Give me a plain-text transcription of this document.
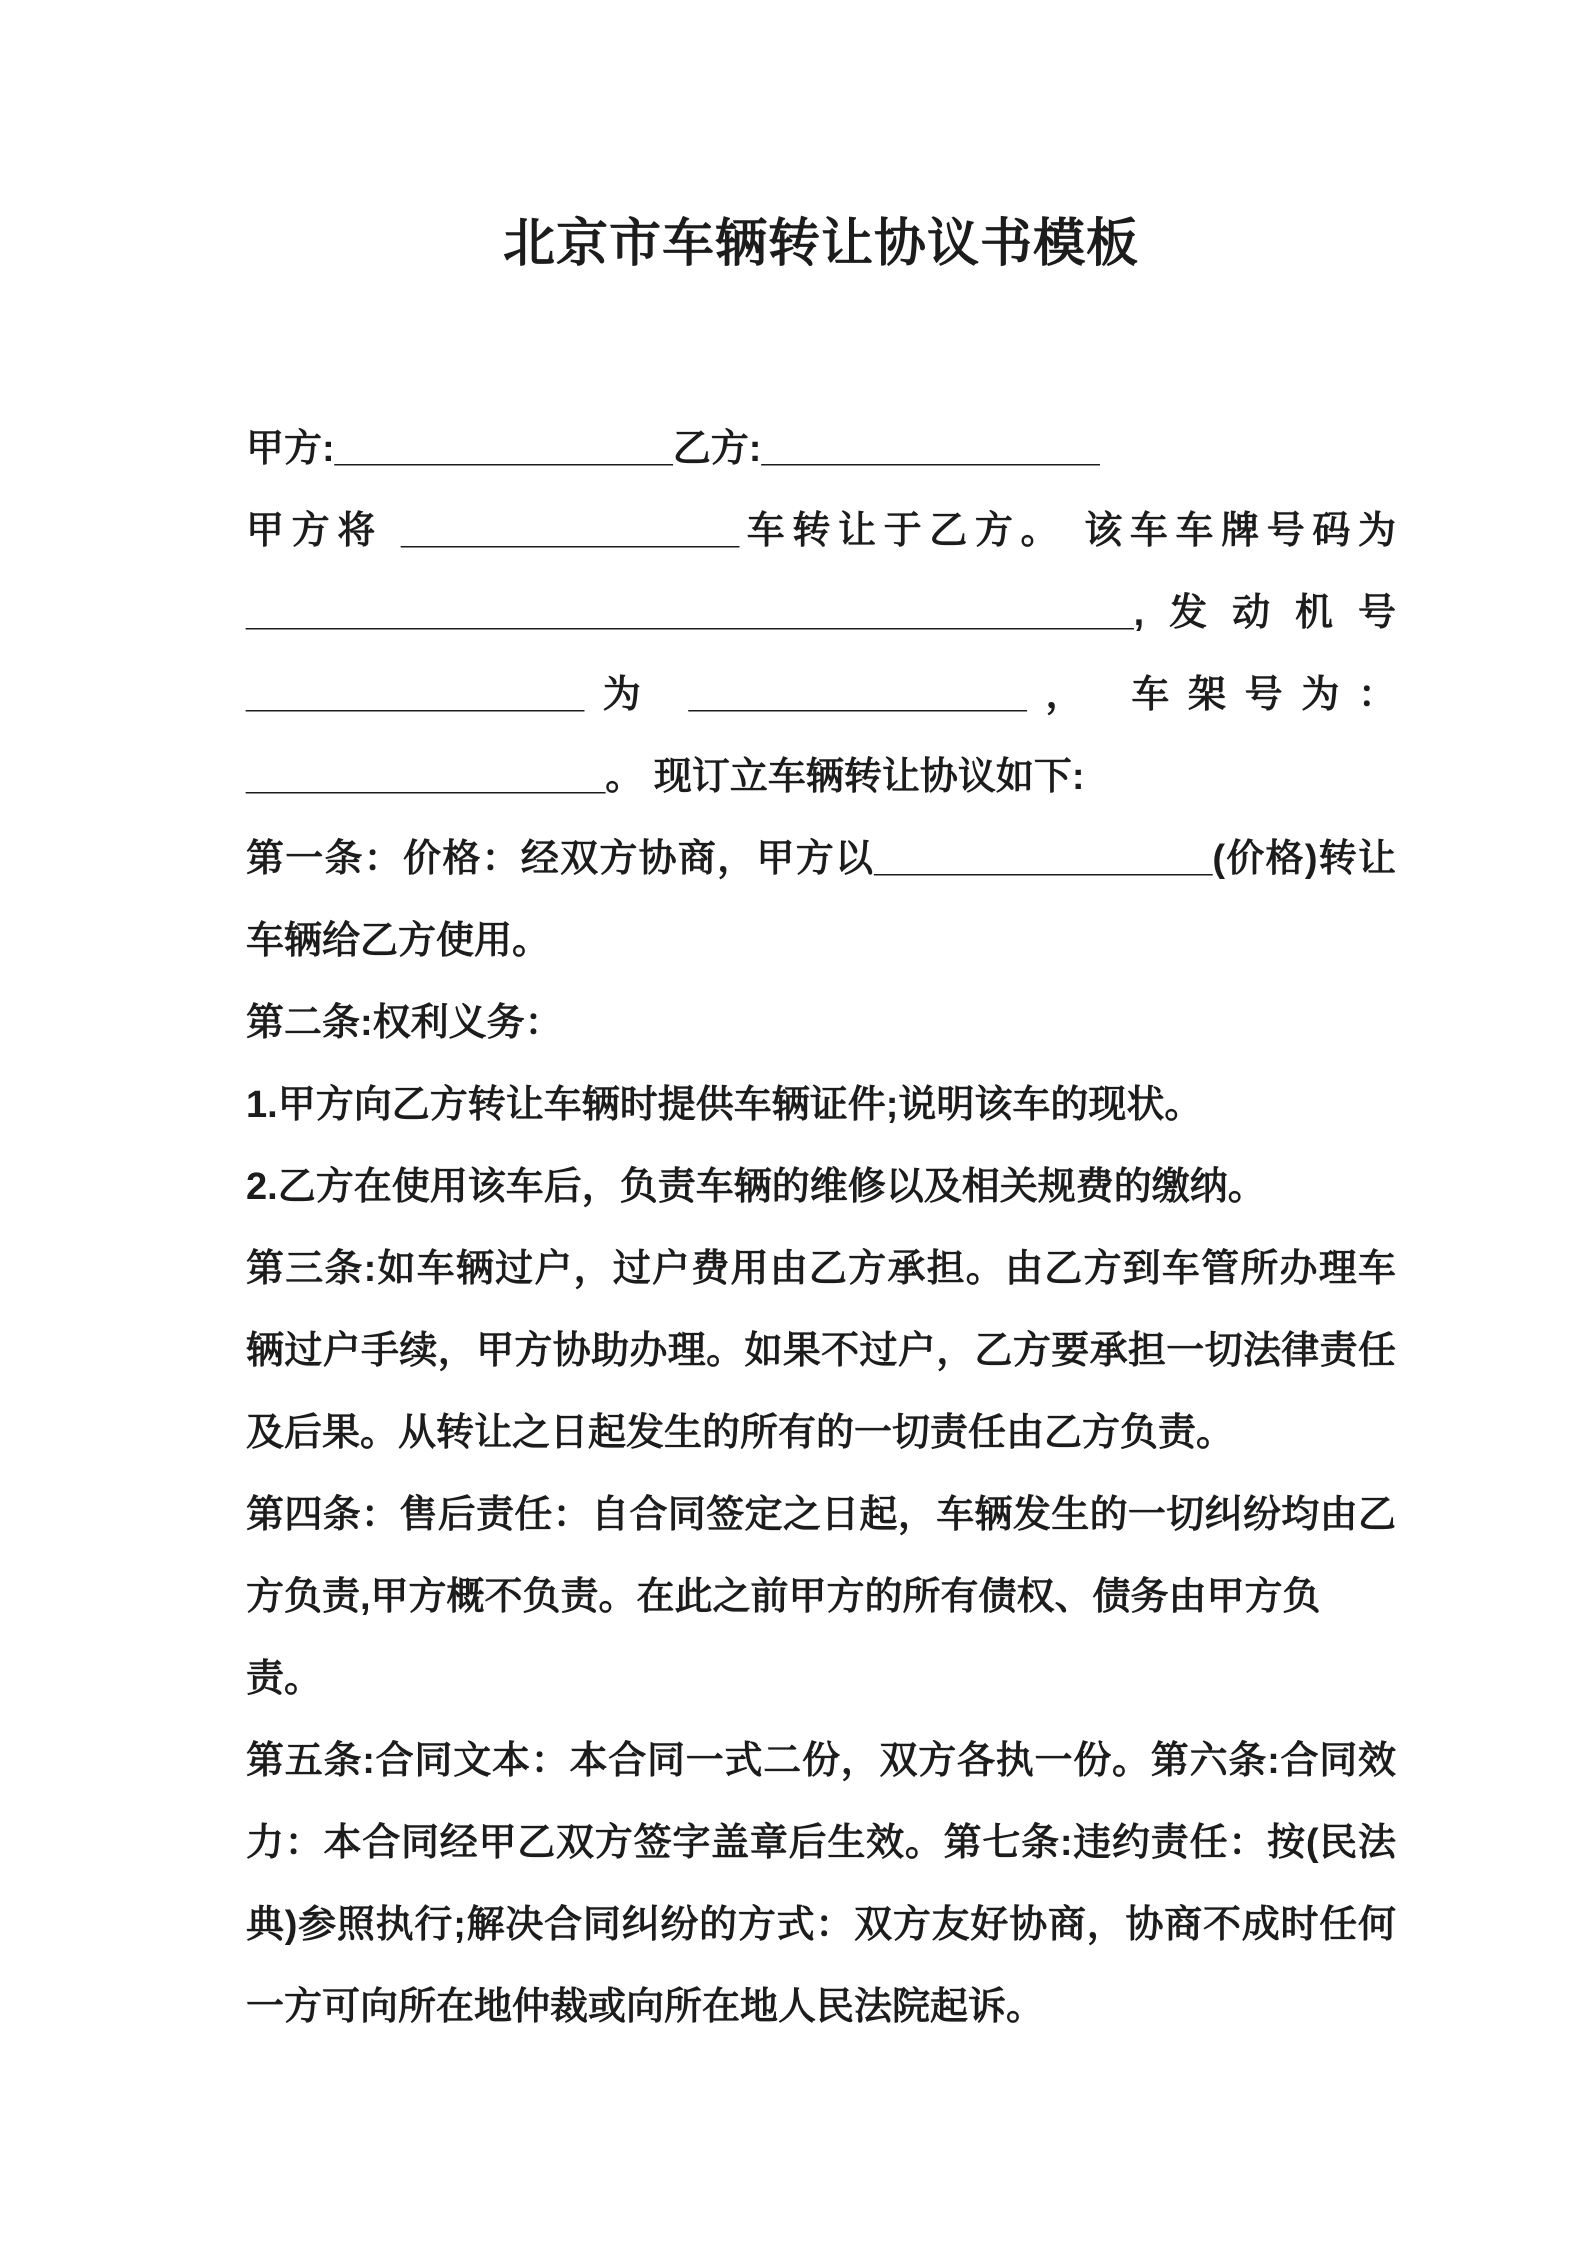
北京市车辆转让协议书模板
甲方:________________乙方:________________
甲方将 ________________车转让于乙方。 该车车牌号码为
__________________________________________,发动机号
________________为 ________________， 车架号为：
_________________。 现订立车辆转让协议如下:
第一条：价格：经双方协商，甲方以________________(价格)转让
车辆给乙方使用。
第二条:权利义务：
1.甲方向乙方转让车辆时提供车辆证件;说明该车的现状。
2.乙方在使用该车后，负责车辆的维修以及相关规费的缴纳。
第三条:如车辆过户，过户费用由乙方承担。由乙方到车管所办理车
辆过户手续，甲方协助办理。如果不过户，乙方要承担一切法律责任
及后果。从转让之日起发生的所有的一切责任由乙方负责。
第四条：售后责任：自合同签定之日起，车辆发生的一切纠纷均由乙
方负责,甲方概不负责。在此之前甲方的所有债权、债务由甲方负责。
第五条:合同文本：本合同一式二份，双方各执一份。第六条:合同效
力：本合同经甲乙双方签字盖章后生效。第七条:违约责任：按(民法
典)参照执行;解决合同纠纷的方式：双方友好协商，协商不成时任何
一方可向所在地仲裁或向所在地人民法院起诉。
